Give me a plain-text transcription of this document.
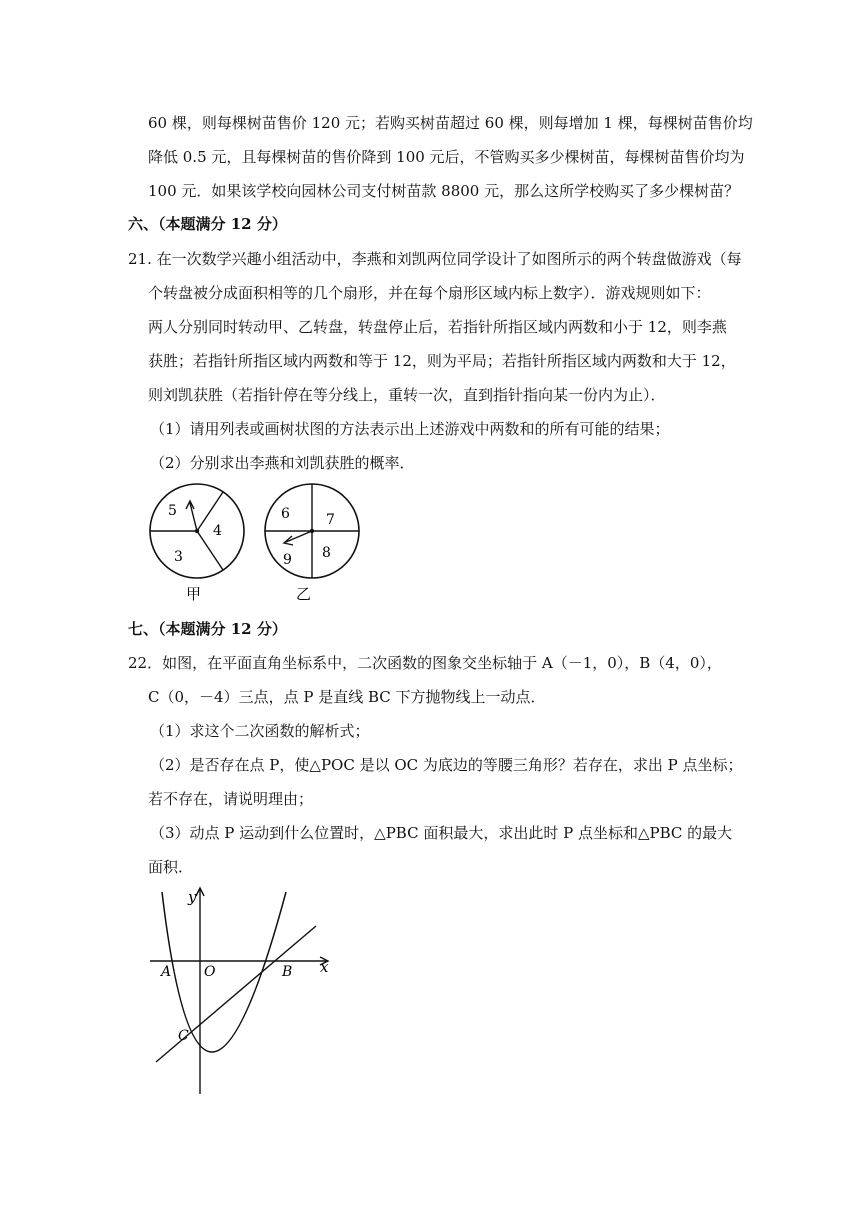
60 棵，则每棵树苗售价 120 元；若购买树苗超过 60 棵，则每增加 1 棵，每棵树苗售价均
降低 0.5 元，且每棵树苗的售价降到 100 元后，不管购买多少棵树苗，每棵树苗售价均为
100 元．如果该学校向园林公司支付树苗款 8800 元，那么这所学校购买了多少棵树苗？
六、（本题满分 12 分）
21. 在一次数学兴趣小组活动中，李燕和刘凯两位同学设计了如图所示的两个转盘做游戏（每
个转盘被分成面积相等的几个扇形，并在每个扇形区域内标上数字）．游戏规则如下：
两人分别同时转动甲、乙转盘，转盘停止后，若指针所指区域内两数和小于 12，则李燕
获胜；若指针所指区域内两数和等于 12，则为平局；若指针所指区域内两数和大于 12，
则刘凯获胜（若指针停在等分线上，重转一次，直到指针指向某一份内为止）．
（1）请用列表或画树状图的方法表示出上述游戏中两数和的所有可能的结果；
（2）分别求出李燕和刘凯获胜的概率．
5
4
3
甲
6	7
9 8
乙
七、（本题满分 12 分）
22．如图，在平面直角坐标系中，二次函数的图象交坐标轴于 A（－1，0），B（4，0），
C（0，－4）三点，点 P 是直线 BC 下方抛物线上一动点．
（1）求这个二次函数的解析式；
（2）是否存在点 P，使△POC 是以 OC 为底边的等腰三角形？若存在，求出 P 点坐标；
若不存在，请说明理由；
（3）动点 P 运动到什么位置时，△PBC 面积最大，求出此时 P 点坐标和△PBC 的最大
面积．
y
x
O
A	B
C
